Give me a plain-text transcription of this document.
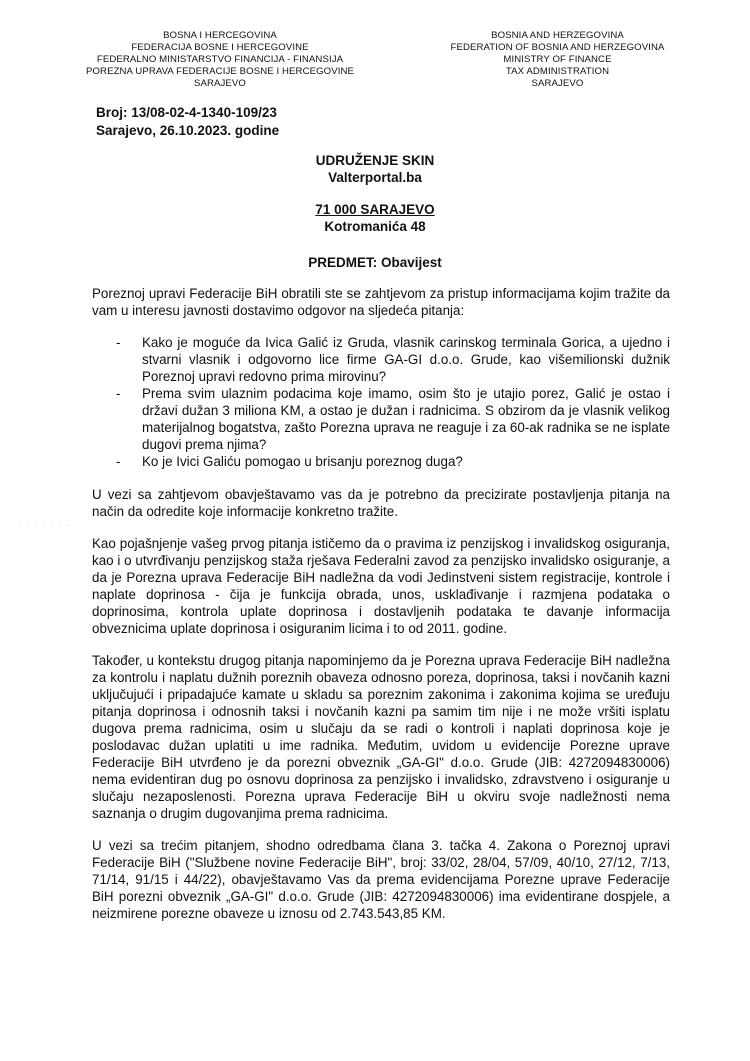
BOSNA I HERCEGOVINA
FEDERACIJA BOSNE I HERCEGOVINE
FEDERALNO MINISTARSTVO FINANCIJA - FINANSIJA
POREZNA UPRAVA FEDERACIJE BOSNE I HERCEGOVINE
SARAJEVO
BOSNIA AND HERZEGOVINA
FEDERATION OF BOSNIA AND HERZEGOVINA
MINISTRY OF FINANCE
TAX ADMINISTRATION
SARAJEVO
Broj: 13/08-02-4-1340-109/23
Sarajevo, 26.10.2023. godine
UDRUŽENJE SKIN
Valterportal.ba
71 000 SARAJEVO
Kotromanića 48
PREDMET: Obavijest

Poreznoj upravi Federacije BiH obratili ste se zahtjevom za pristup informacijama kojim tražite da vam u interesu javnosti dostavimo odgovor na sljedeća pitanja:

- Kako je moguće da Ivica Galić iz Gruda, vlasnik carinskog terminala Gorica, a ujedno i stvarni vlasnik i odgovorno lice firme GA-GI d.o.o. Grude, kao višemilionski dužnik Poreznoj upravi redovno prima mirovinu?
- Prema svim ulaznim podacima koje imamo, osim što je utajio porez, Galić je ostao i državi dužan 3 miliona KM, a ostao je dužan i radnicima. S obzirom da je vlasnik velikog materijalnog bogatstva, zašto Porezna uprava ne reaguje i za 60-ak radnika se ne isplate dugovi prema njima?
- Ko je Ivici Galiću pomogao u brisanju poreznog duga?

U vezi sa zahtjevom obavještavamo vas da je potrebno da precizirate postavljenja pitanja na način da odredite koje informacije konkretno tražite.

Kao pojašnjenje vašeg prvog pitanja ističemo da o pravima iz penzijskog i invalidskog osiguranja, kao i o utvrđivanju penzijskog staža rješava Federalni zavod za penzijsko invalidsko osiguranje, a da je Porezna uprava Federacije BiH nadležna da vodi Jedinstveni sistem registracije, kontrole i naplate doprinosa - čija je funkcija obrada, unos, usklađivanje i razmjena podataka o doprinosima, kontrola uplate doprinosa i dostavljenih podataka te davanje informacija obveznicima uplate doprinosa i osiguranim licima i to od 2011. godine.

Također, u kontekstu drugog pitanja napominjemo da je Porezna uprava Federacije BiH nadležna za kontrolu i naplatu dužnih poreznih obaveza odnosno poreza, doprinosa, taksi i novčanih kazni uključujući i pripadajuće kamate u skladu sa poreznim zakonima i zakonima kojima se uređuju pitanja doprinosa i odnosnih taksi i novčanih kazni pa samim tim nije i ne može vršiti isplatu dugova prema radnicima, osim u slučaju da se radi o kontroli i naplati doprinosa koje je poslodavac dužan uplatiti u ime radnika. Međutim, uvidom u evidencije Porezne uprave Federacije BiH utvrđeno je da porezni obveznik „GA-GI" d.o.o. Grude (JIB: 4272094830006) nema evidentiran dug po osnovu doprinosa za penzijsko i invalidsko, zdravstveno i osiguranje u slučaju nezaposlenosti. Porezna uprava Federacije BiH u okviru svoje nadležnosti nema saznanja o drugim dugovanjima prema radnicima.

U vezi sa trećim pitanjem, shodno odredbama člana 3. tačka 4. Zakona o Poreznoj upravi Federacije BiH ("Službene novine Federacije BiH", broj: 33/02, 28/04, 57/09, 40/10, 27/12, 7/13, 71/14, 91/15 i 44/22), obavještavamo Vas da prema evidencijama Porezne uprave Federacije BiH porezni obveznik „GA-GI" d.o.o. Grude (JIB: 4272094830006) ima evidentirane dospjele, a neizmirene porezne obaveze u iznosu od 2.743.543,85 KM.

· · · · · · ·
